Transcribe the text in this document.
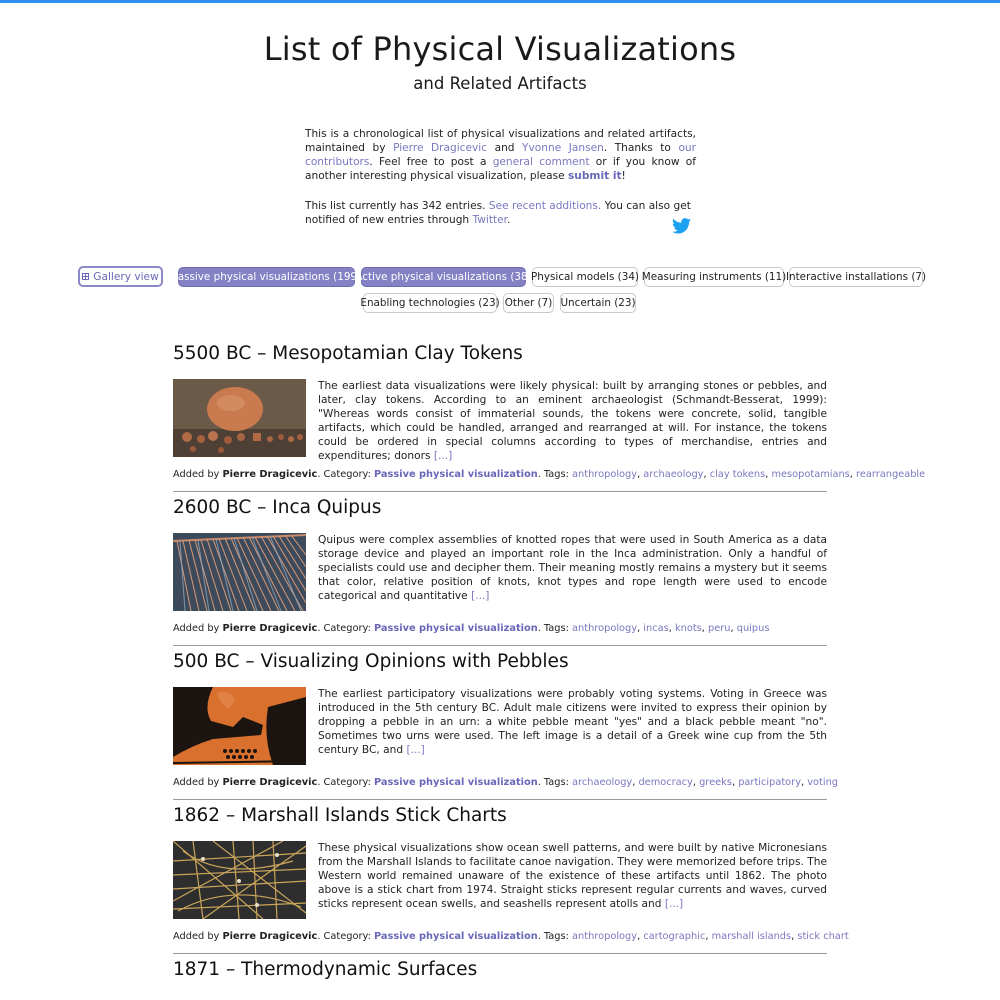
List of Physical Visualizations
and Related Artifacts

This is a chronological list of physical visualizations and related artifacts, maintained by Pierre Dragicevic and Yvonne Jansen. Thanks to our contributors. Feel free to post a general comment or if you know of another interesting physical visualization, please submit it!

This list currently has 342 entries. See recent additions. You can also get notified of new entries through Twitter.

Gallery view Passive physical visualizations (199)
Active physical visualizations (38) Physical models (34) Measuring instruments (11) Interactive installations (7)
Enabling technologies (23) Other (7) Uncertain (23)
5500 BC – Mesopotamian Clay Tokens

The earliest data visualizations were likely physical: built by arranging stones or pebbles, and later, clay tokens. According to an eminent archaeologist (Schmandt-Besserat, 1999): "Whereas words consist of immaterial sounds, the tokens were concrete, solid, tangible artifacts, which could be handled, arranged and rearranged at will. For instance, the tokens could be ordered in special columns according to types of merchandise, entries and expenditures; donors [...]

Added by Pierre Dragicevic. Category: Passive physical visualization. Tags: anthropology, archaeology, clay tokens, mesopotamians, rearrangeable
2600 BC – Inca Quipus

Quipus were complex assemblies of knotted ropes that were used in South America as a data storage device and played an important role in the Inca administration. Only a handful of specialists could use and decipher them. Their meaning mostly remains a mystery but it seems that color, relative position of knots, knot types and rope length were used to encode categorical and quantitative [...]

Added by Pierre Dragicevic. Category: Passive physical visualization. Tags: anthropology, incas, knots, peru, quipus
500 BC – Visualizing Opinions with Pebbles

The earliest participatory visualizations were probably voting systems. Voting in Greece was introduced in the 5th century BC. Adult male citizens were invited to express their opinion by dropping a pebble in an urn: a white pebble meant "yes" and a black pebble meant "no". Sometimes two urns were used. The left image is a detail of a Greek wine cup from the 5th century BC, and [...]

Added by Pierre Dragicevic. Category: Passive physical visualization. Tags: archaeology, democracy, greeks, participatory, voting
1862 – Marshall Islands Stick Charts

These physical visualizations show ocean swell patterns, and were built by native Micronesians from the Marshall Islands to facilitate canoe navigation. They were memorized before trips. The Western world remained unaware of the existence of these artifacts until 1862. The photo above is a stick chart from 1974. Straight sticks represent regular currents and waves, curved sticks represent ocean swells, and seashells represent atolls and [...]

Added by Pierre Dragicevic. Category: Passive physical visualization. Tags: anthropology, cartographic, marshall islands, stick chart
1871 – Thermodynamic Surfaces
